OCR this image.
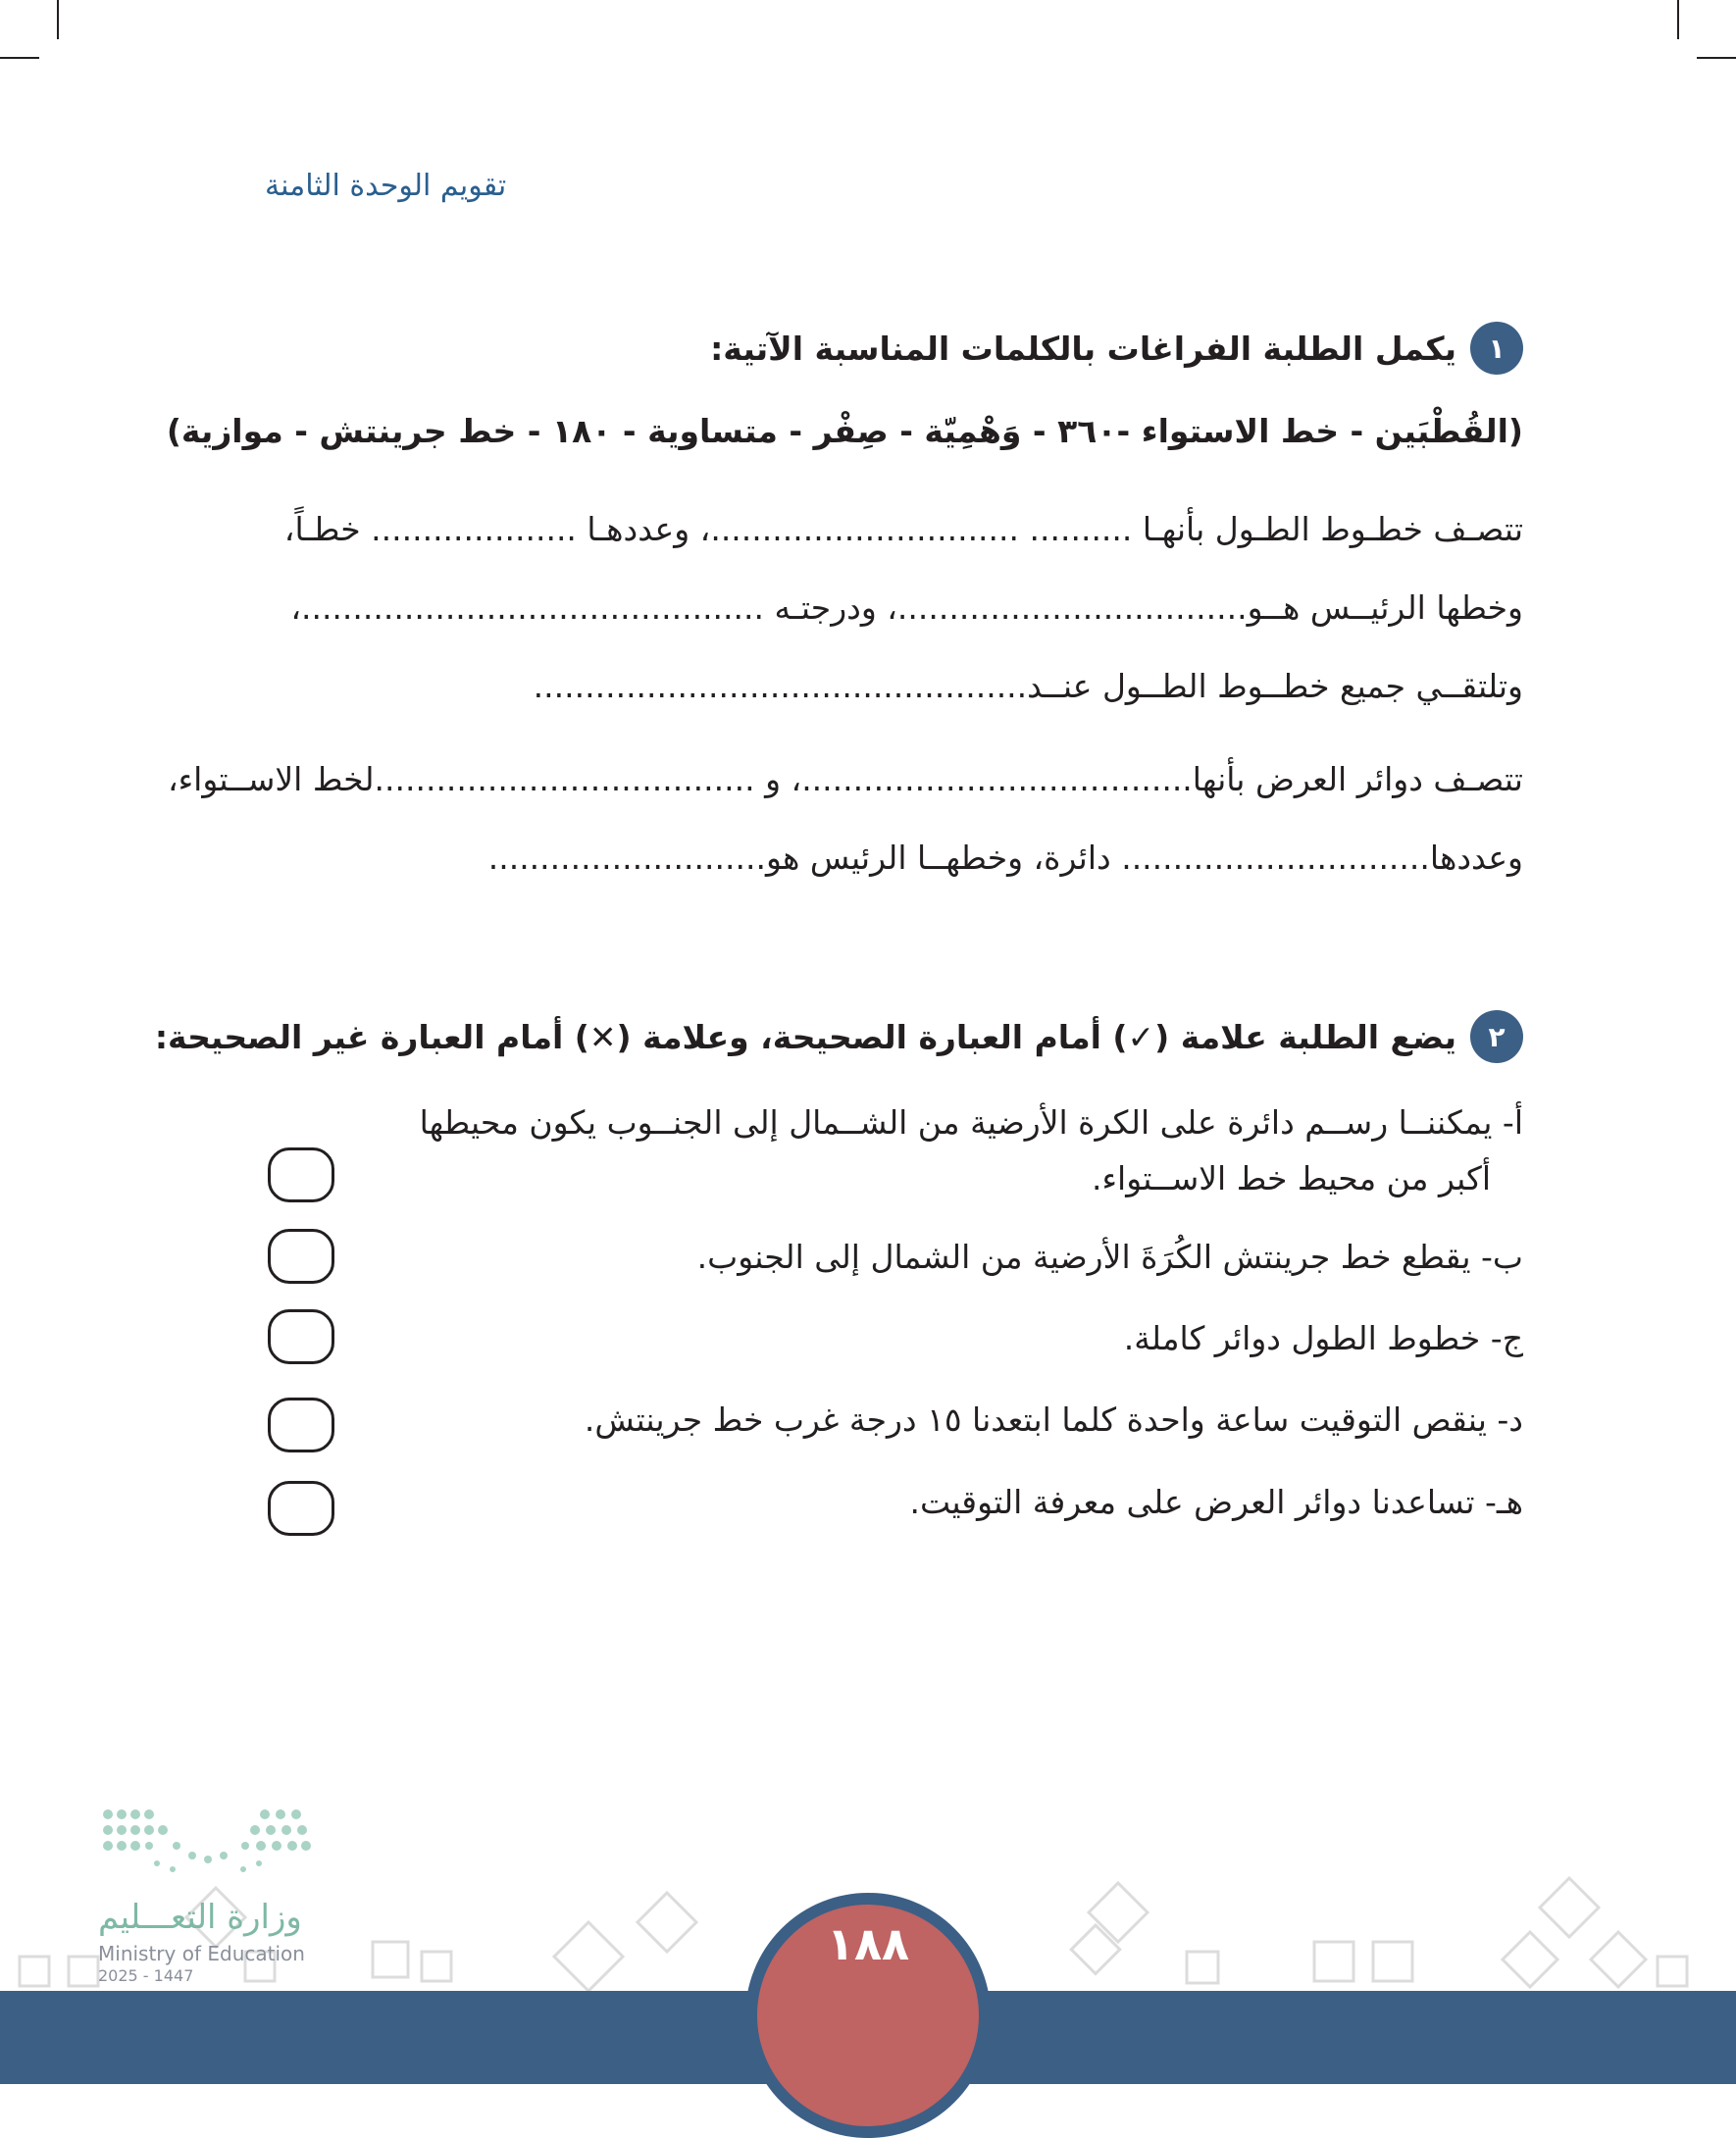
تقويم الوحدة الثامنة
١
يكمل الطلبة الفراغات بالكلمات المناسبة الآتية:
(القُطْبَين - خط الاستواء -٣٦٠ - وَهْمِيّة - صِفْر - متساوية - ١٨٠ - خط جرينتش - موازية)
تتصـف خطـوط الطـول بأنهـا .......... ..............................، وعددهـا .................... خطـاً،
وخطها الرئيــس هــو..................................، ودرجتـه .............................................،
وتلتقــي جميع خطــوط الطــول عنــد................................................
تتصـف دوائر العرض بأنها......................................، و .....................................لخط الاســتواء،
وعددها.............................. دائرة، وخطهــا الرئيس هو...........................
٢
يضع الطلبة علامة (✓) أمام العبارة الصحيحة، وعلامة (✕) أمام العبارة غير الصحيحة:
أ- يمكننــا رســم دائرة على الكرة الأرضية من الشــمال إلى الجنــوب يكون محيطها
أكبر من محيط خط الاســتواء.
ب- يقطع خط جرينتش الكُرَةَ الأرضية من الشمال إلى الجنوب.
ج- خطوط الطول دوائر كاملة.
د- ينقص التوقيت ساعة واحدة كلما ابتعدنا ١٥ درجة غرب خط جرينتش.
هـ- تساعدنا دوائر العرض على معرفة التوقيت.
وزارة التعـــليم
Ministry of Education
2025 - 1447
١٨٨
